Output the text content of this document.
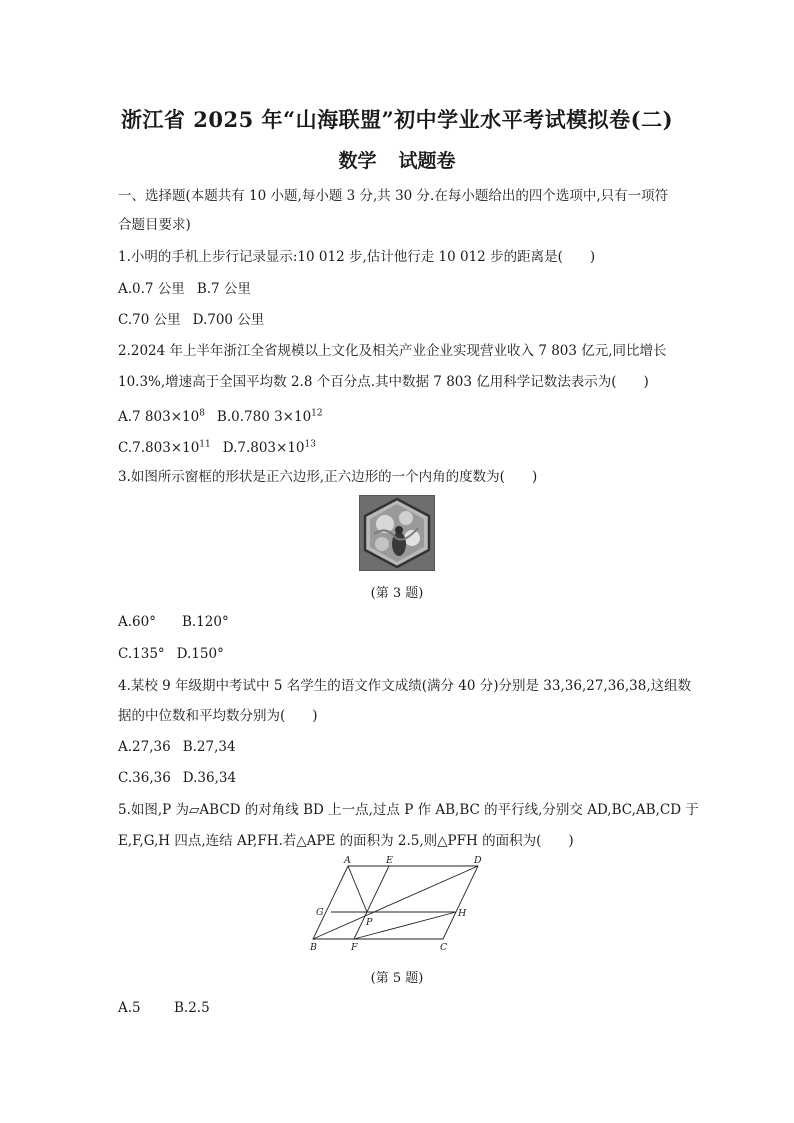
浙江省 2025 年“山海联盟”初中学业水平考试模拟卷(二)
数学 试题卷
一、选择题(本题共有 10 小题,每小题 3 分,共 30 分.在每小题给出的四个选项中,只有一项符
合题目要求)
1.小明的手机上步行记录显示:10 012 步,估计他行走 10 012 步的距离是(　　)
A.0.7 公里 B.7 公里
C.70 公里 D.700 公里
2.2024 年上半年浙江全省规模以上文化及相关产业企业实现营业收入 7 803 亿元,同比增长
10.3%,增速高于全国平均数 2.8 个百分点.其中数据 7 803 亿用科学记数法表示为(　　)
A.7 $803\times 10^8$ B.0.780 $3\times 10^{12}$
$C.7.803\times 10^{11}$ $D.7.803\times 10^{13}$
3.如图所示窗框的形状是正六边形,正六边形的一个内角的度数为(　　)
(第 3 题)
A.60° B.120°
C.135° D.150°
4.某校 9 年级期中考试中 5 名学生的语文作文成绩(满分 40 分)分别是 33,36,27,36,38,这组数
据的中位数和平均数分别为(　　)
A.27,36 B.27,34
C.36,36 D.36,34
5.如图,P 为▱ABCD 的对角线 BD 上一点,过点 P 作 AB,BC 的平行线,分别交 AD,BC,AB,CD 于
E,F,G,H 四点,连结 AP,FH.若△APE 的面积为 2.5,则△PFH 的面积为(　　)
A	E	D
G
P
H
B	F	C
(第 5 题)
A.5 B.2.5
